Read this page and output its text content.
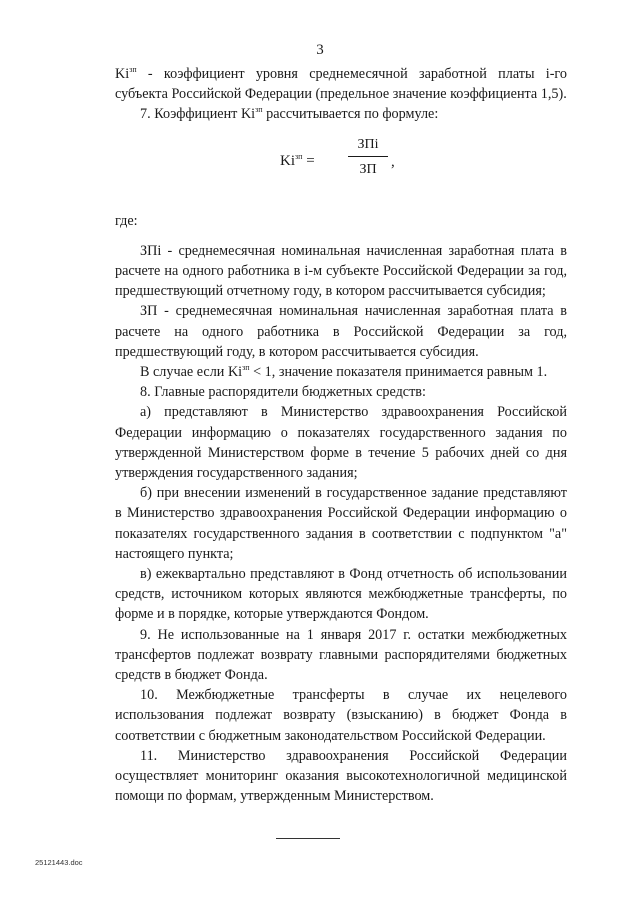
3

$Ki^{зп}$ - коэффициент уровня среднемесячной заработной платы i-го субъекта Российской Федерации (предельное значение коэффициента 1,5).

7. Коэффициент $Ki^{зп}$ рассчитывается по формуле:

$Ki^{зп}$ =
ЗПi
ЗП ,

где:

ЗПi - среднемесячная номинальная начисленная заработная плата в расчете на одного работника в i-м субъекте Российской Федерации за год, предшествующий отчетному году, в котором рассчитывается субсидия;

ЗП - среднемесячная номинальная начисленная заработная плата в расчете на одного работника в Российской Федерации за год, предшествующий году, в котором рассчитывается субсидия.

В случае если $Ki^{зп} < 1$, значение показателя принимается равным 1.

8. Главные распорядители бюджетных средств:

а) представляют в Министерство здравоохранения Российской Федерации информацию о показателях государственного задания по утвержденной Министерством форме в течение 5 рабочих дней со дня утверждения государственного задания;

б) при внесении изменений в государственное задание представляют в Министерство здравоохранения Российской Федерации информацию о показателях государственного задания в соответствии с подпунктом "а" настоящего пункта;

в) ежеквартально представляют в Фонд отчетность об использовании средств, источником которых являются межбюджетные трансферты, по форме и в порядке, которые утверждаются Фондом.

9. Не использованные на 1 января 2017 г. остатки межбюджетных трансфертов подлежат возврату главными распорядителями бюджетных средств в бюджет Фонда.

10. Межбюджетные трансферты в случае их нецелевого использования подлежат возврату (взысканию) в бюджет Фонда в соответствии с бюджетным законодательством Российской Федерации.

11. Министерство здравоохранения Российской Федерации осуществляет мониторинг оказания высокотехнологичной медицинской помощи по формам, утвержденным Министерством.

25121443.doc
